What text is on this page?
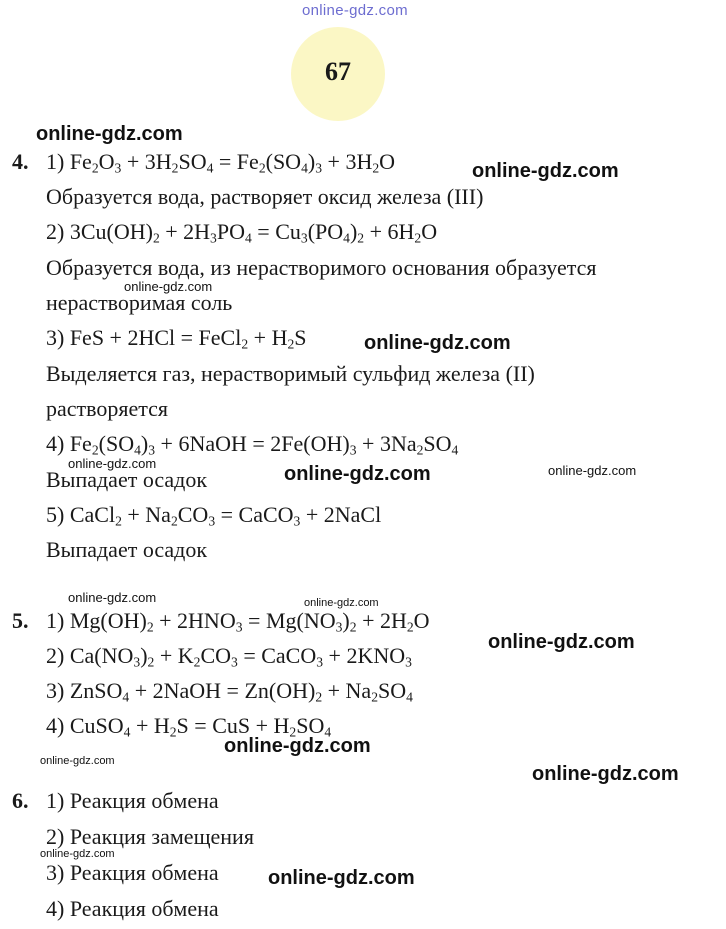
online-gdz.com
67
4. 1) $Fe_2O_3 + 3H_2SO_4 = Fe_2(SO_4)_3 + 3H_2O$
Образуется вода, растворяет оксид железа (III)
2) $3Cu(OH)_2 + 2H_3PO_4 = Cu_3(PO_4)_2 + 6H_2O$
Образуется вода, из нерастворимого основания образуется
нерастворимая соль
3) FeS + 2HCl = FeCl$_2$ + $H_2S$
Выделяется газ, нерастворимый сульфид железа (II)
растворяется
4) $Fe_2(SO_4)_3$ + 6NaOH = $2Fe(OH)_3 + 3Na_2SO_4$
Выпадает осадок
5) CaCl$_2$ + $Na_2CO_3$ = CaCO$_3$ + 2NaCl
Выпадает осадок
5. 1) $Mg(OH)_2 + 2HNO_3 = Mg(NO_3)_2 + 2H_2O$
2) $Ca(NO_3)_2 + K_2CO_3$ = CaCO$_3$ + $2KNO_3$
3) ZnSO$_4$ + 2NaOH = $Zn(OH)_2 + Na_2SO_4$
4) CuSO$_4$ + $H_2S$ = CuS + $H_2SO_4$
6. 1) Реакция обмена
2) Реакция замещения
3) Реакция обмена
4) Реакция обмена
online-gdz.com
online-gdz.com
online-gdz.com
online-gdz.com
online-gdz.com	online-gdz.com	online-gdz.com
online-gdz.com	online-gdz.com
online-gdz.com
online-gdz.com
online-gdz.com
online-gdz.com
online-gdz.com
online-gdz.com
